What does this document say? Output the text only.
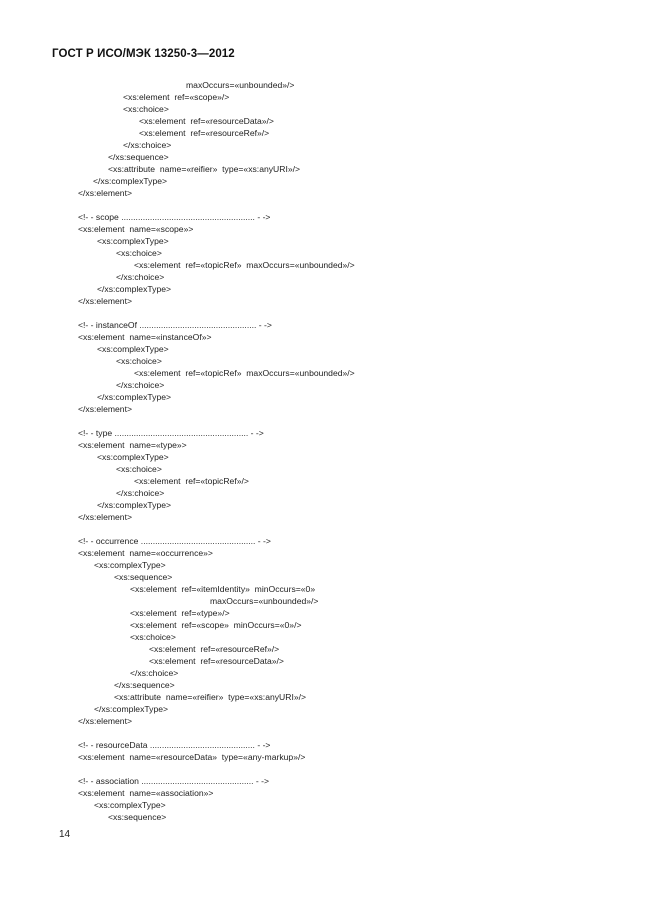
ГОСТ Р ИСО/МЭК 13250-3—2012
maxOccurs=«unbounded»/>
<xs:element  ref=«scope»/>
<xs:choice>
<xs:element  ref=«resourceData»/>
<xs:element  ref=«resourceRef»/>
</xs:choice>
</xs:sequence>
<xs:attribute  name=«reifier»  type=«xs:anyURI»/>
</xs:complexType>
</xs:element>
<!- - scope ........................................................ - ->
<xs:element  name=«scope»>
<xs:complexType>
<xs:choice>
<xs:element  ref=«topicRef»  maxOccurs=«unbounded»/>
</xs:choice>
</xs:complexType>
</xs:element>
<!- - instanceOf ................................................. - ->
<xs:element  name=«instanceOf»>
<xs:complexType>
<xs:choice>
<xs:element  ref=«topicRef»  maxOccurs=«unbounded»/>
</xs:choice>
</xs:complexType>
</xs:element>
<!- - type ........................................................ - ->
<xs:element  name=«type»>
<xs:complexType>
<xs:choice>
<xs:element  ref=«topicRef»/>
</xs:choice>
</xs:complexType>
</xs:element>
<!- - occurrence ................................................ - ->
<xs:element  name=«occurrence»>
<xs:complexType>
<xs:sequence>
<xs:element  ref=«itemIdentity»  minOccurs=«0»
maxOccurs=«unbounded»/>
<xs:element  ref=«type»/>
<xs:element  ref=«scope»  minOccurs=«0»/>
<xs:choice>
<xs:element  ref=«resourceRef»/>
<xs:element  ref=«resourceData»/>
</xs:choice>
</xs:sequence>
<xs:attribute  name=«reifier»  type=«xs:anyURI»/>
</xs:complexType>
</xs:element>
<!- - resourceData ............................................ - ->
<xs:element  name=«resourceData»  type=«any-markup»/>
<!- - association ............................................... - ->
<xs:element  name=«association»>
<xs:complexType>
<xs:sequence>
14
